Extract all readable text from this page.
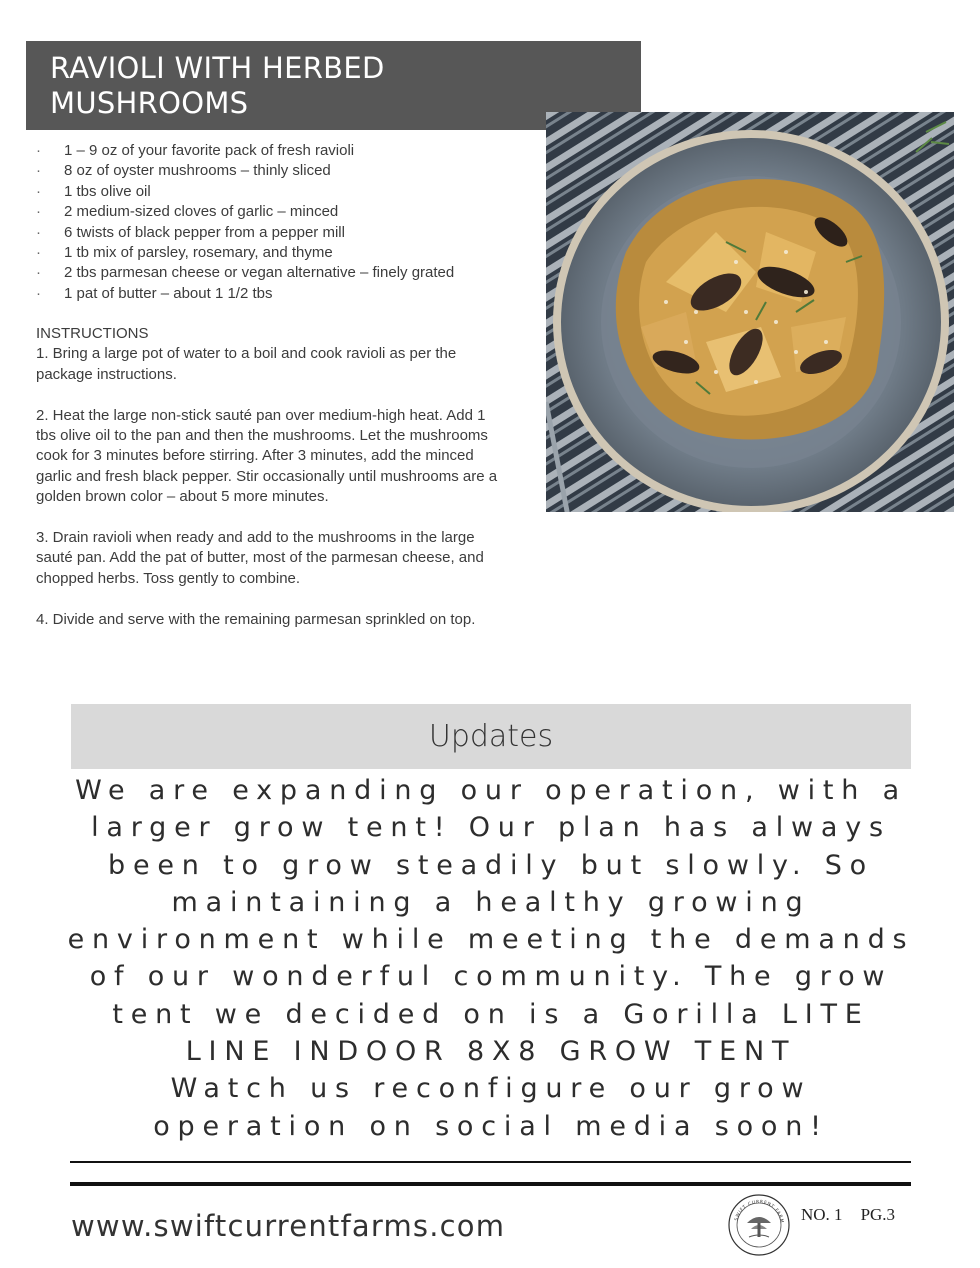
RAVIOLI WITH HERBED
MUSHROOMS
· 1 – 9 oz of your favorite pack of fresh ravioli
· 8 oz of oyster mushrooms – thinly sliced
· 1 tbs olive oil
· 2 medium-sized cloves of garlic – minced
· 6 twists of black pepper from a pepper mill
· 1 tb mix of parsley, rosemary, and thyme
· 2 tbs parmesan cheese or vegan alternative – finely grated
· 1 pat of butter – about 1 1/2 tbs

INSTRUCTIONS

1. Bring a large pot of water to a boil and cook ravioli as per the package instructions.

2. Heat the large non-stick sauté pan over medium-high heat. Add 1 tbs olive oil to the pan and then the mushrooms. Let the mushrooms cook for 3 minutes before stirring. After 3 minutes, add the minced garlic and fresh black pepper. Stir occasionally until mushrooms are a golden brown color – about 5 more minutes.

3. Drain ravioli when ready and add to the mushrooms in the large sauté pan. Add the pat of butter, most of the parmesan cheese, and chopped herbs. Toss gently to combine.

4. Divide and serve with the remaining parmesan sprinkled on top.

Updates

We are expanding our operation, with a larger grow tent! Our plan has always been to grow steadily but slowly. So maintaining a healthy growing environment while meeting the demands of our wonderful community. The grow tent we decided on is a Gorilla LITE LINE INDOOR 8X8 GROW TENT

Watch us reconfigure our grow operation on social media soon!

www.swiftcurrentfarms.com	SWIFT CURRENT FARM NO. 1 PG.3
